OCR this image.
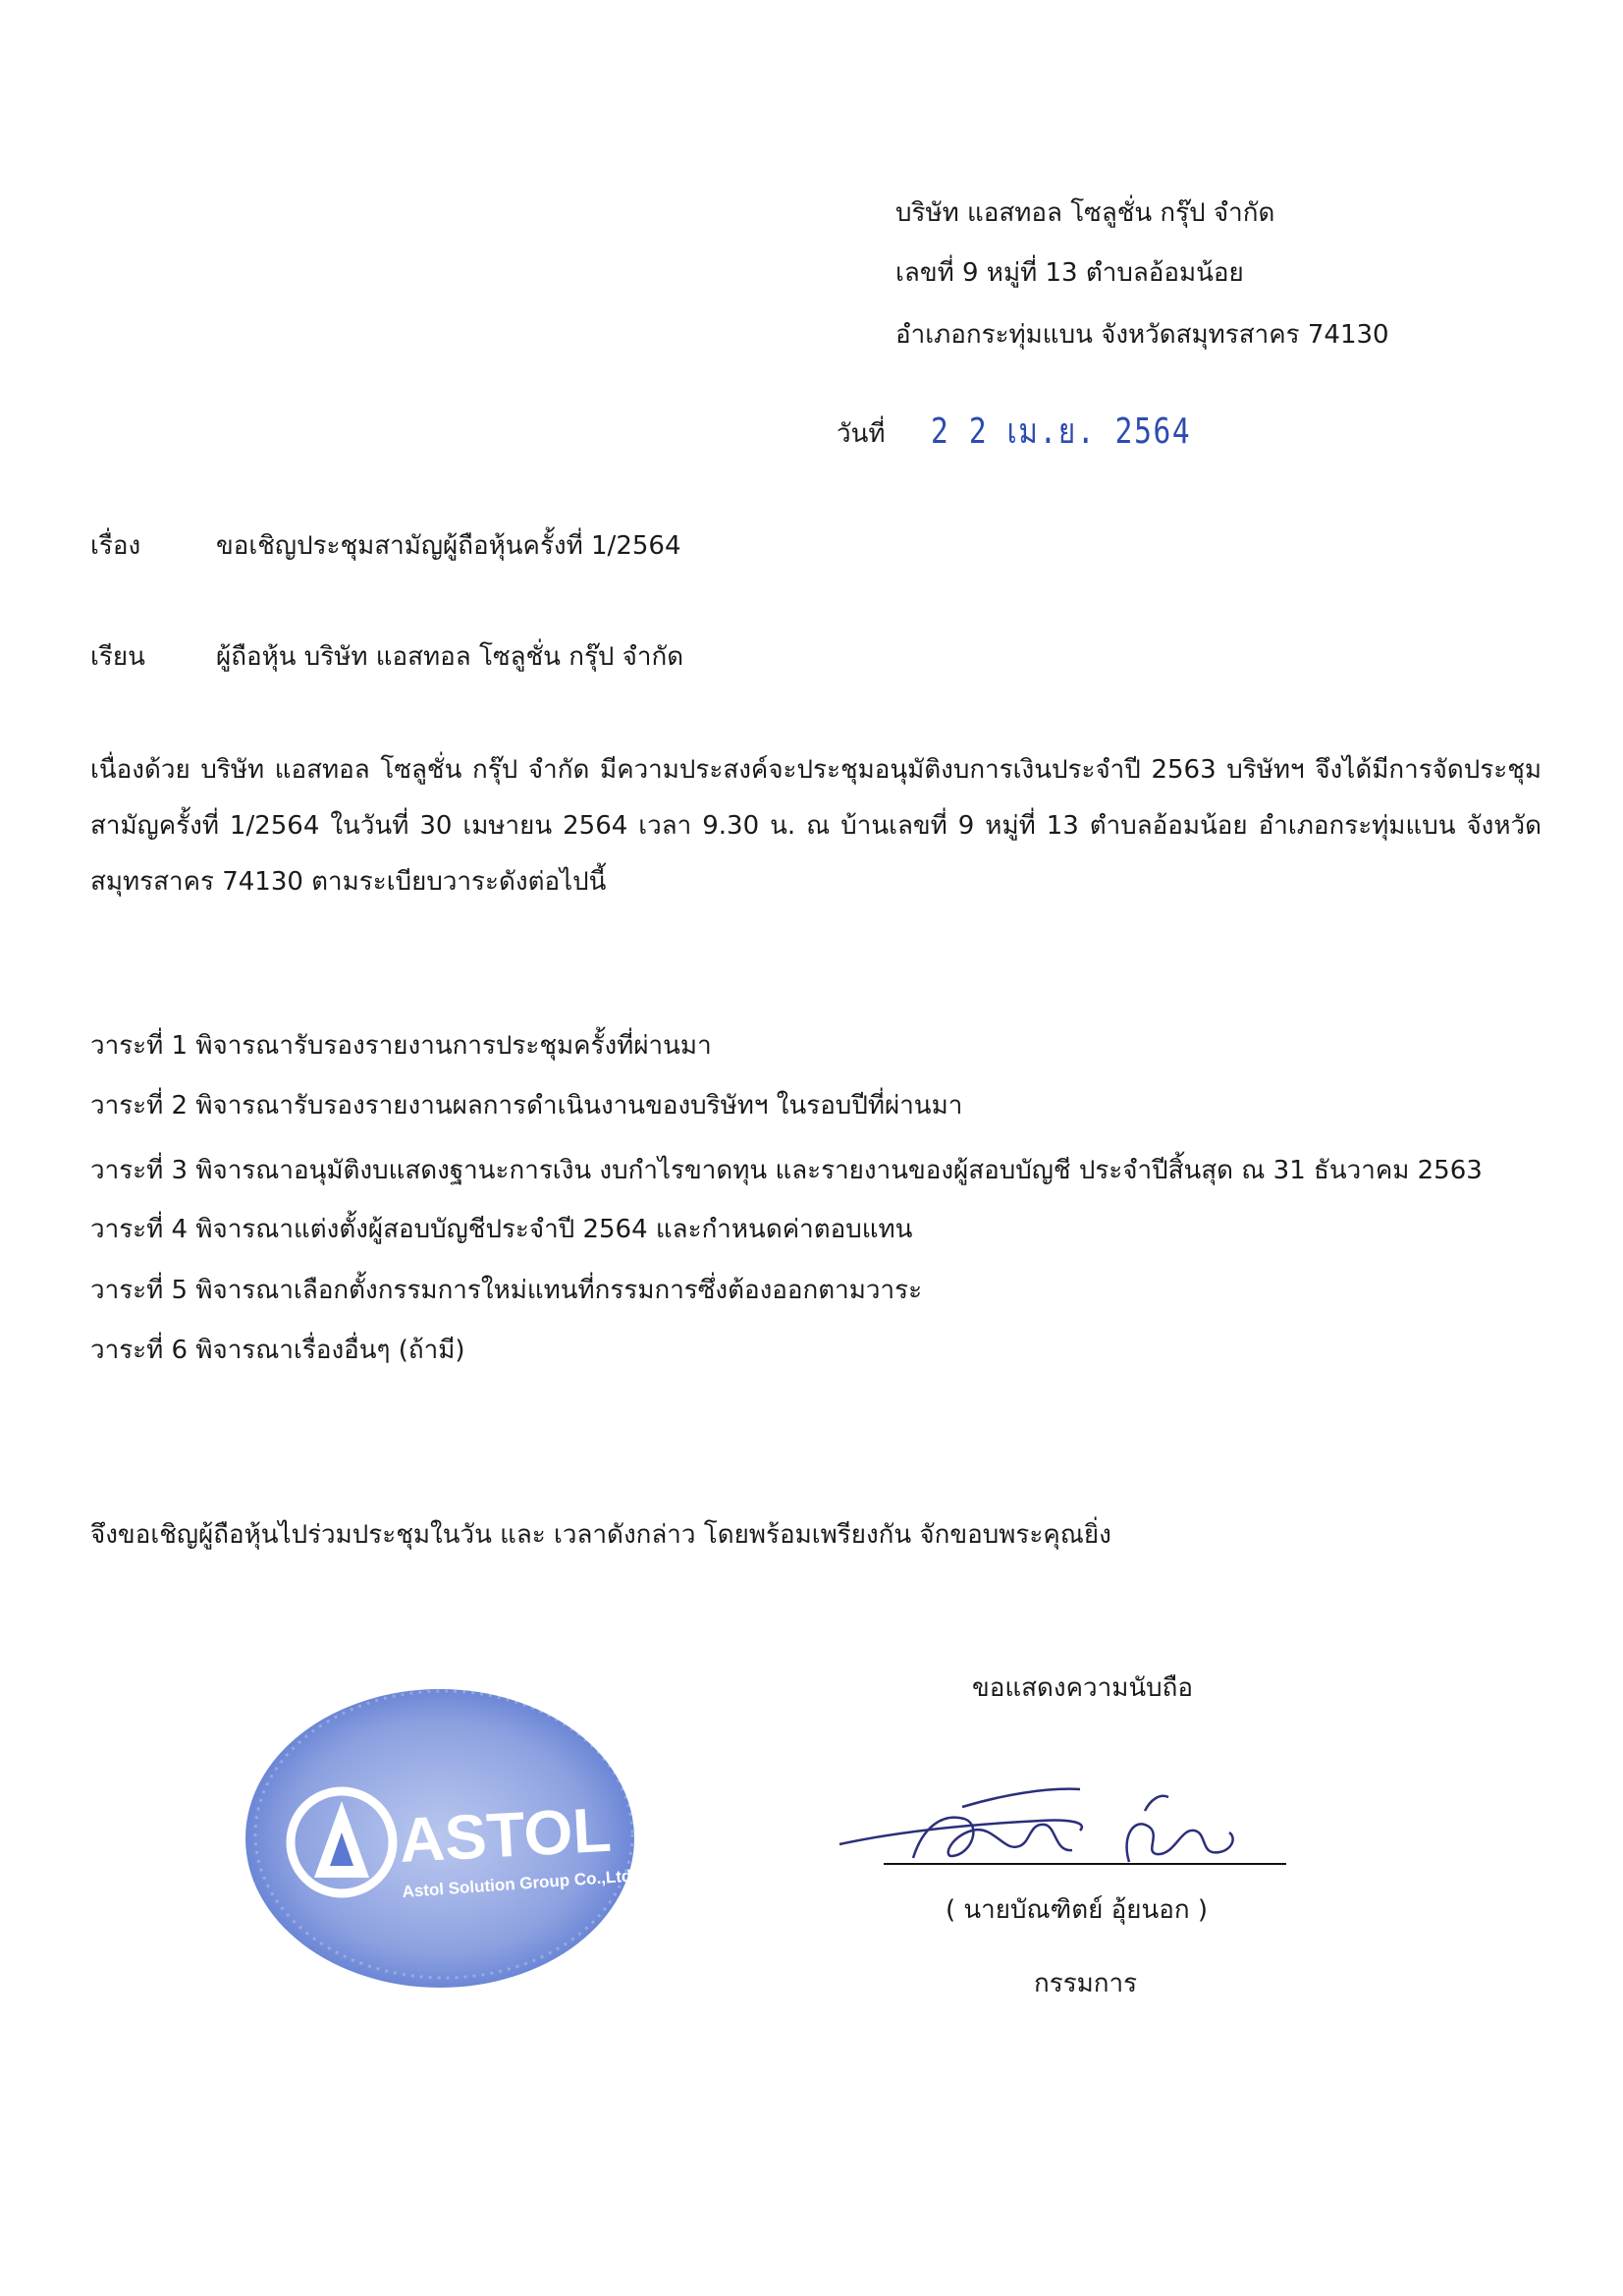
บริษัท แอสทอล โซลูชั่น กรุ๊ป จำกัด
เลขที่ 9 หมู่ที่ 13 ตำบลอ้อมน้อย
อำเภอกระทุ่มแบน จังหวัดสมุทรสาคร 74130
วันที่ 2 2 เม.ย. 2564
เรื่อง	ขอเชิญประชุมสามัญผู้ถือหุ้นครั้งที่ 1/2564
เรียน	ผู้ถือหุ้น บริษัท แอสทอล โซลูชั่น กรุ๊ป จำกัด
เนื่องด้วย บริษัท แอสทอล โซลูชั่น กรุ๊ป จำกัด มีความประสงค์จะประชุมอนุมัติงบการเงินประจำปี 2563 บริษัทฯ จึงได้มีการจัดประชุมสามัญครั้งที่ 1/2564 ในวันที่ 30 เมษายน 2564 เวลา 9.30 น. ณ บ้านเลขที่ 9 หมู่ที่ 13 ตำบลอ้อมน้อย อำเภอกระทุ่มแบน จังหวัดสมุทรสาคร 74130 ตามระเบียบวาระดังต่อไปนี้
วาระที่ 1 พิจารณารับรองรายงานการประชุมครั้งที่ผ่านมา
วาระที่ 2 พิจารณารับรองรายงานผลการดำเนินงานของบริษัทฯ ในรอบปีที่ผ่านมา
วาระที่ 3 พิจารณาอนุมัติงบแสดงฐานะการเงิน งบกำไรขาดทุน และรายงานของผู้สอบบัญชี ประจำปีสิ้นสุด ณ 31 ธันวาคม 2563
วาระที่ 4 พิจารณาแต่งตั้งผู้สอบบัญชีประจำปี 2564 และกำหนดค่าตอบแทน
วาระที่ 5 พิจารณาเลือกตั้งกรรมการใหม่แทนที่กรรมการซึ่งต้องออกตามวาระ
วาระที่ 6 พิจารณาเรื่องอื่นๆ (ถ้ามี)
จึงขอเชิญผู้ถือหุ้นไปร่วมประชุมในวัน และ เวลาดังกล่าว โดยพร้อมเพรียงกัน จักขอบพระคุณยิ่ง
ขอแสดงความนับถือ
ASTOL
Astol Solution Group Co.,Ltd.
( นายบัณฑิตย์ อุ้ยนอก )
กรรมการ
